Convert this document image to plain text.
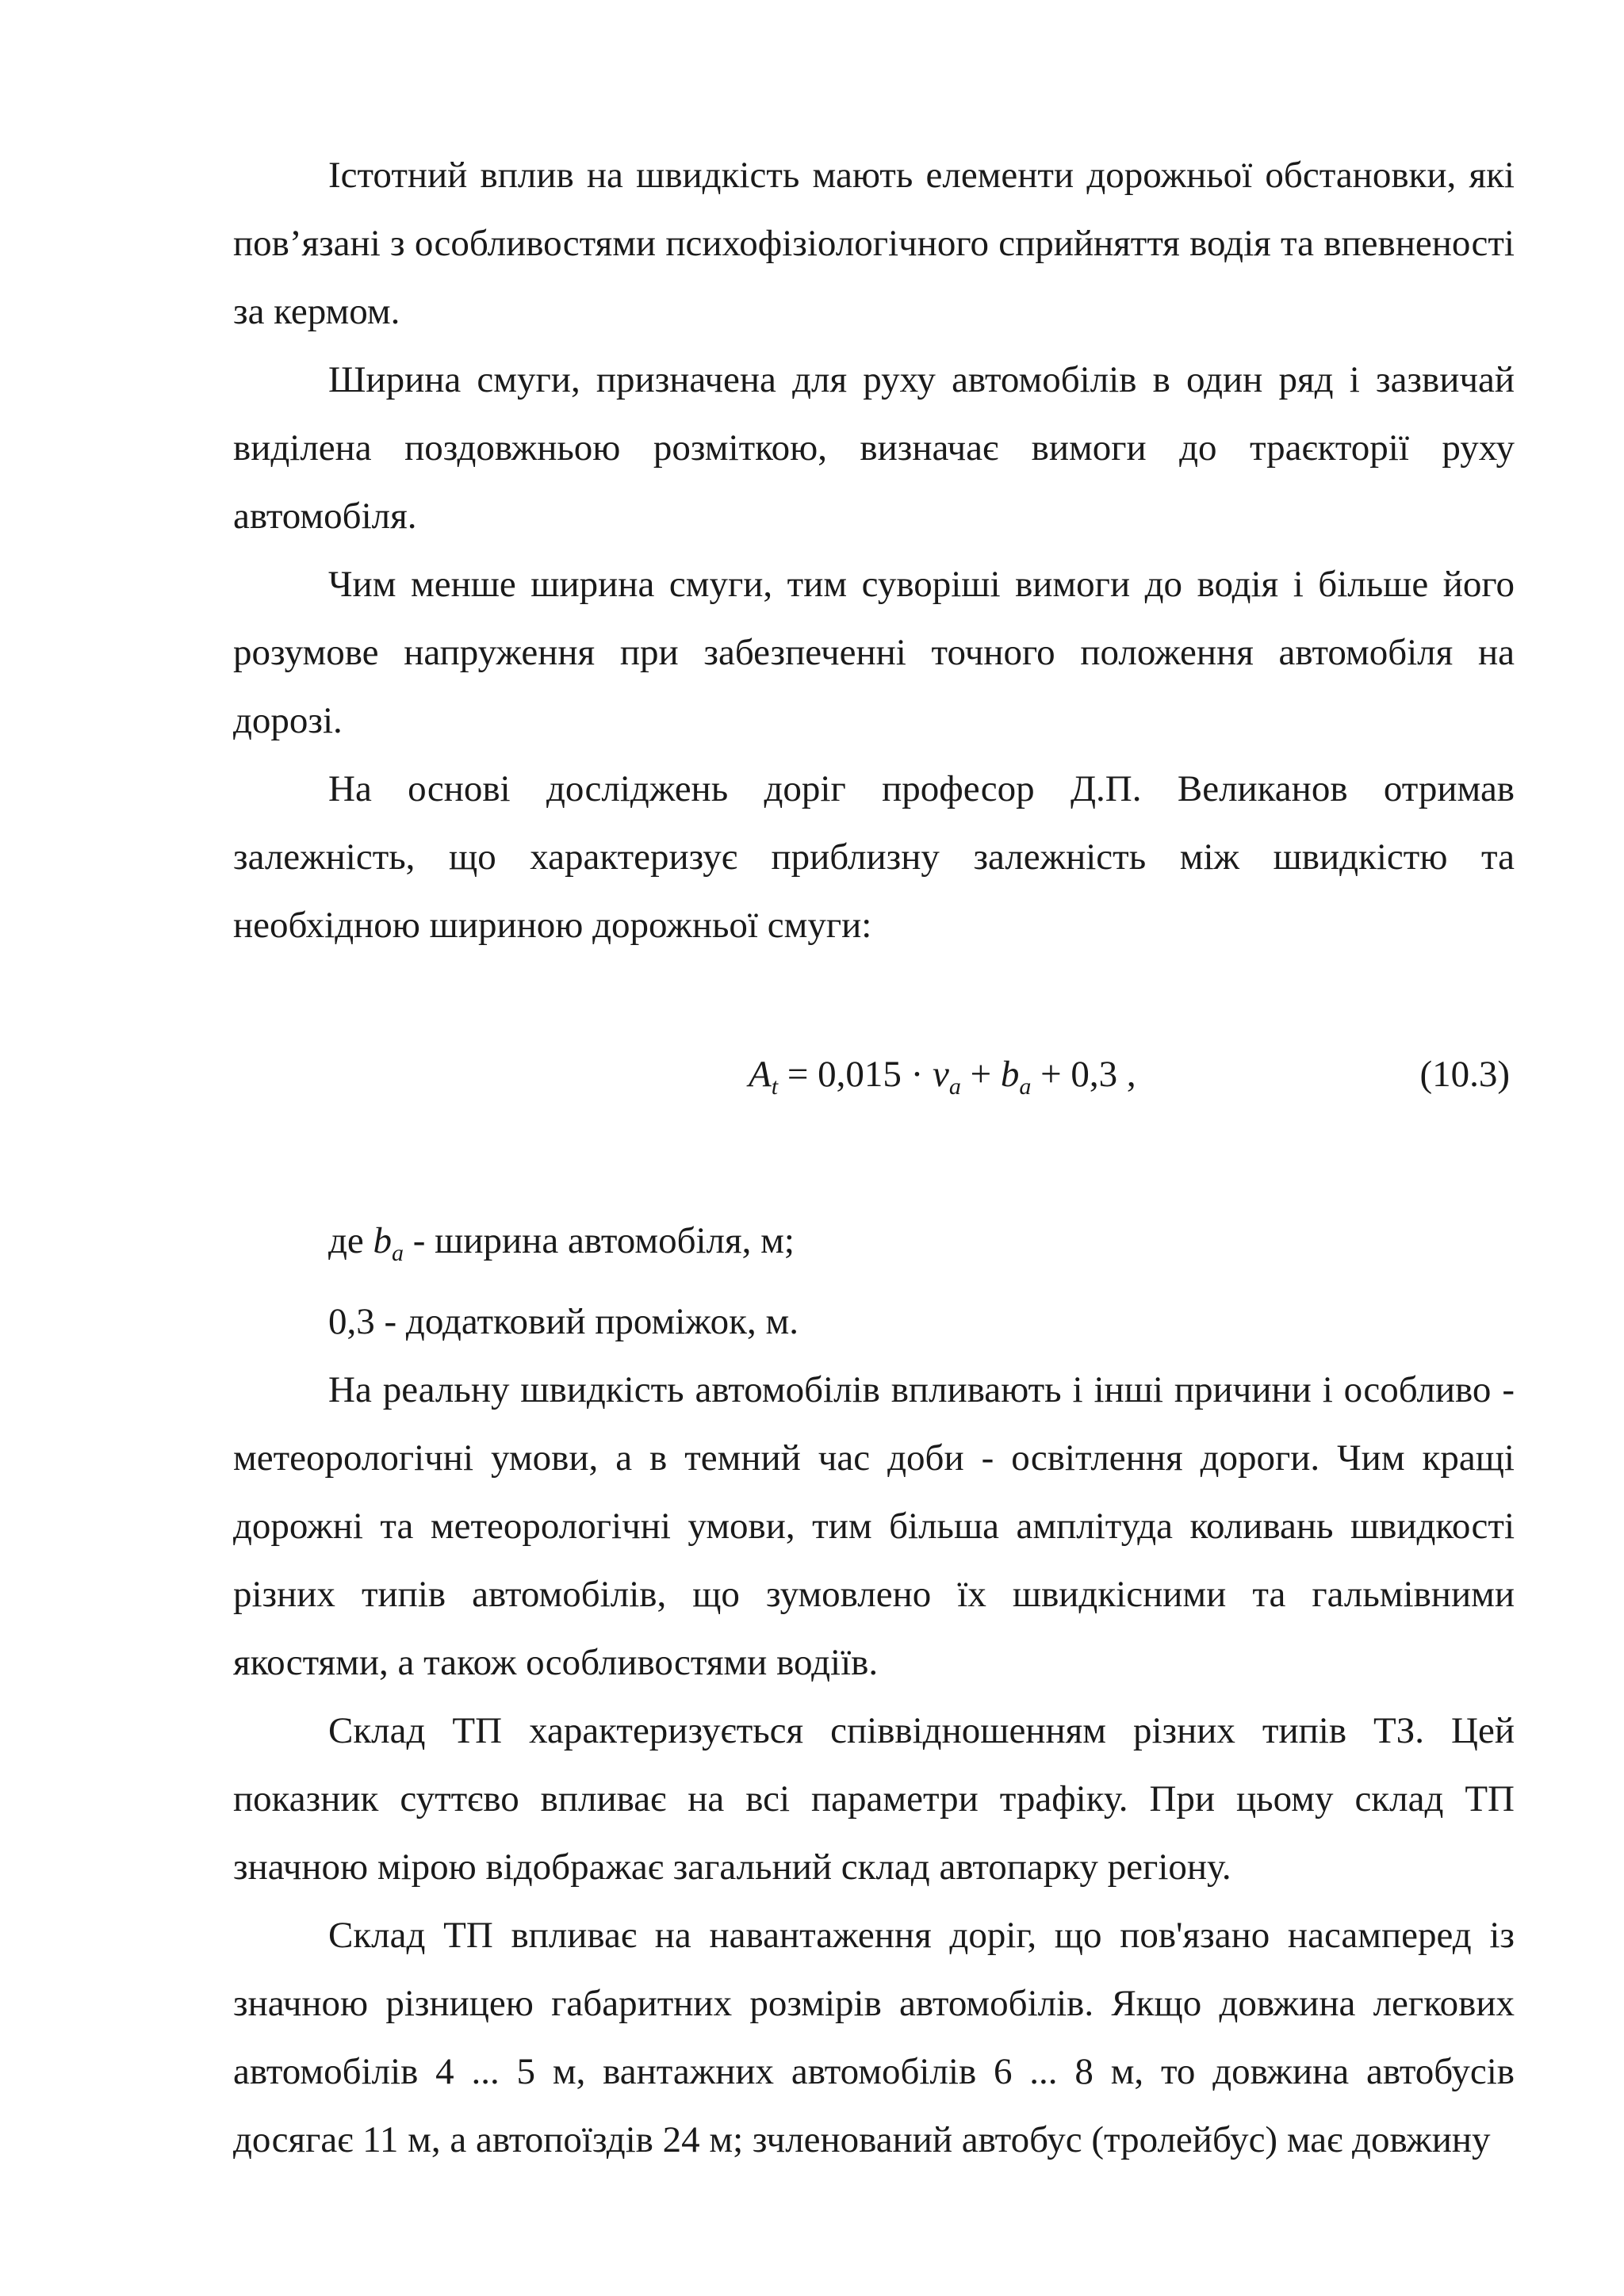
Істотний вплив на швидкість мають елементи дорожньої обстановки, які пов’язані з особливостями психофізіологічного сприйняття водія та впевненості за кермом.

Ширина смуги, призначена для руху автомобілів в один ряд і зазвичай виділена поздовжньою розміткою, визначає вимоги до траєкторії руху автомобіля.

Чим менше ширина смуги, тим суворіші вимоги до водія і більше його розумове напруження при забезпеченні точного положення автомобіля на дорозі.

На основі досліджень доріг професор Д.П. Великанов отримав залежність, що характеризує приблизну залежність між швидкістю та необхідною шириною дорожньої смуги:

$A_t = 0,015 \cdot v_a + b_a + 0,3$ ,	(10.3)

де $b_a$ - ширина автомобіля, м;

0,3 - додатковий проміжок, м.

На реальну швидкість автомобілів впливають і інші причини і особливо - метеорологічні умови, а в темний час доби - освітлення дороги. Чим кращі дорожні та метеорологічні умови, тим більша амплітуда коливань швидкості різних типів автомобілів, що зумовлено їх швидкісними та гальмівними якостями, а також особливостями водіїв.

Склад ТП характеризується співвідношенням різних типів ТЗ. Цей показник суттєво впливає на всі параметри трафіку. При цьому склад ТП значною мірою відображає загальний склад автопарку регіону.

Склад ТП впливає на навантаження доріг, що пов'язано насамперед із значною різницею габаритних розмірів автомобілів. Якщо довжина легкових автомобілів 4 ... 5 м, вантажних автомобілів 6 ... 8 м, то довжина автобусів досягає 11 м, а автопоїздів 24 м; зчленований автобус (тролейбус) має довжину
